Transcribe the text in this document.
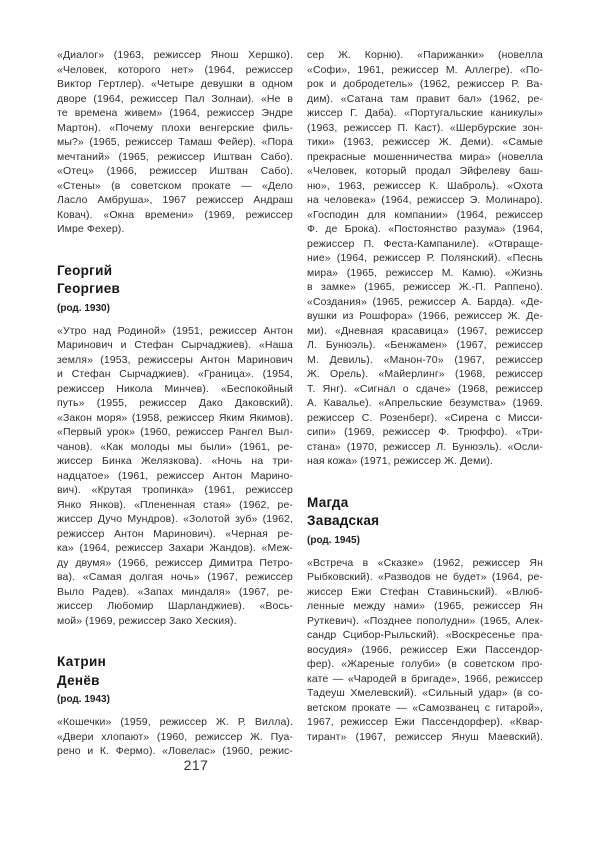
«Диалог» (1963, режиссер Янош Хершко).
«Человек, которого нет» (1964, режиссер
Виктор Гертлер). «Четыре девушки в одном
дворе (1964, режиссер Пал Золнаи). «Не в
те времена живем» (1964, режиссер Эндре
Мартон). «Почему плохи венгерские филь-
мы?» (1965, режиссер Тамаш Фейер). «Пора
мечтаний» (1965, режиссер Иштван Сабо).
«Отец» (1966, режиссер Иштван Сабо).
«Стены» (в советском прокате — «Дело
Ласло Амбруша», 1967 режиссер Андраш
Ковач). «Окна времени» (1969, режиссер
Имре Фехер).
Георгий
Георгиев
(род. 1930)
«Утро над Родиной» (1951, режиссер Антон
Маринович и Стефан Сырчаджиев). «Наша
земля» (1953, режиссеры Антон Маринович
и Стефан Сырчаджиев). «Граница». (1954,
режиссер Никола Минчев). «Беспокойный
путь» (1955, режиссер Дако Даковский).
«Закон моря» (1958, режиссер Яким Якимов).
«Первый урок» (1960, режиссер Рангел Выл-
чанов). «Как молоды мы были» (1961, ре-
жиссер Бинка Желязкова). «Ночь на три-
надцатое» (1961, режиссер Антон Марино-
вич). «Крутая тропинка» (1961, режиссер
Янко Янков). «Плененная стая» (1962, ре-
жиссер Дучо Мундров). «Золотой зуб» (1962,
режиссер Антон Маринович). «Черная ре-
ка» (1964, режиссер Захари Жандов). «Меж-
ду двумя» (1966, режиссер Димитра Петро-
ва). «Самая долгая ночь» (1967, режиссер
Выло Радев). «Запах миндаля» (1967, ре-
жиссер Любомир Шарланджиев). «Вось-
мой» (1969, режиссер Зако Хеския).
Катрин
Денёв
(род. 1943)
«Кошечки» (1959, режиссер Ж. Р. Вилла).
«Двери хлопают» (1960, режиссер Ж. Пуа-
рено и К. Фермо). «Ловелас» (1960, режис-
сер Ж. Корню). «Парижанки» (новелла
«Софи», 1961, режиссер М. Аллегре). «По-
рок и добродетель» (1962, режиссер Р. Ва-
дим). «Сатана там правит бал» (1962, ре-
жиссер Г. Даба). «Португальские каникулы»
(1963, режиссер П. Каст). «Шербурские зон-
тики» (1963, режиссер Ж. Деми). «Самые
прекрасные мошенничества мира» (новелла
«Человек, который продал Эйфелеву баш-
ню», 1963, режиссер К. Шаброль). «Охота
на человека» (1964, режиссер Э. Молинаро).
«Господин для компании» (1964, режиссер
Ф. де Брока). «Постоянство разума» (1964,
режиссер П. Феста-Кампаниле). «Отвраще-
ние» (1964, режиссер Р. Полянский). «Песнь
мира» (1965, режиссер М. Камю). «Жизнь
в замке» (1965, режиссер Ж.-П. Раппено).
«Создания» (1965, режиссер А. Барда). «Де-
вушки из Рошфора» (1966, режиссер Ж. Де-
ми). «Дневная красавица» (1967, режиссер
Л. Бунюэль). «Бенжамен» (1967, режиссер
М. Девиль). «Манон-70» (1967, режиссер
Ж. Орель). «Майерлинг» (1968, режиссер
Т. Янг). «Сигнал о сдаче» (1968, режиссер
А. Кавалье). «Апрельские безумства» (1969.
режиссер С. Розенберг). «Сирена с Мисси-
сипи» (1969, режиссер Ф. Трюффо). «Три-
стана» (1970, режиссер Л. Бунюэль). «Осли-
ная кожа» (1971, режиссер Ж. Деми).
Магда
Завадская
(род. 1945)
«Встреча в «Сказке» (1962, режиссер Ян
Рыбковский). «Разводов не будет» (1964, ре-
жиссер Ежи Стефан Ставиньский). «Влюб-
ленные между нами» (1965, режиссер Ян
Руткевич). «Позднее пополудни» (1965, Алек-
сандр Сцибор-Рыльский). «Воскресенье пра-
восудия» (1966, режиссер Ежи Пассендор-
фер). «Жареные голуби» (в советском про-
кате — «Чародей в бригаде», 1966, режиссер
Тадеуш Хмелевский). «Сильный удар» (в со-
ветском прокате — «Самозванец с гитарой»,
1967, режиссер Ежи Пассендорфер). «Квар-
тирант» (1967, режиссер Януш Маевский).
217
